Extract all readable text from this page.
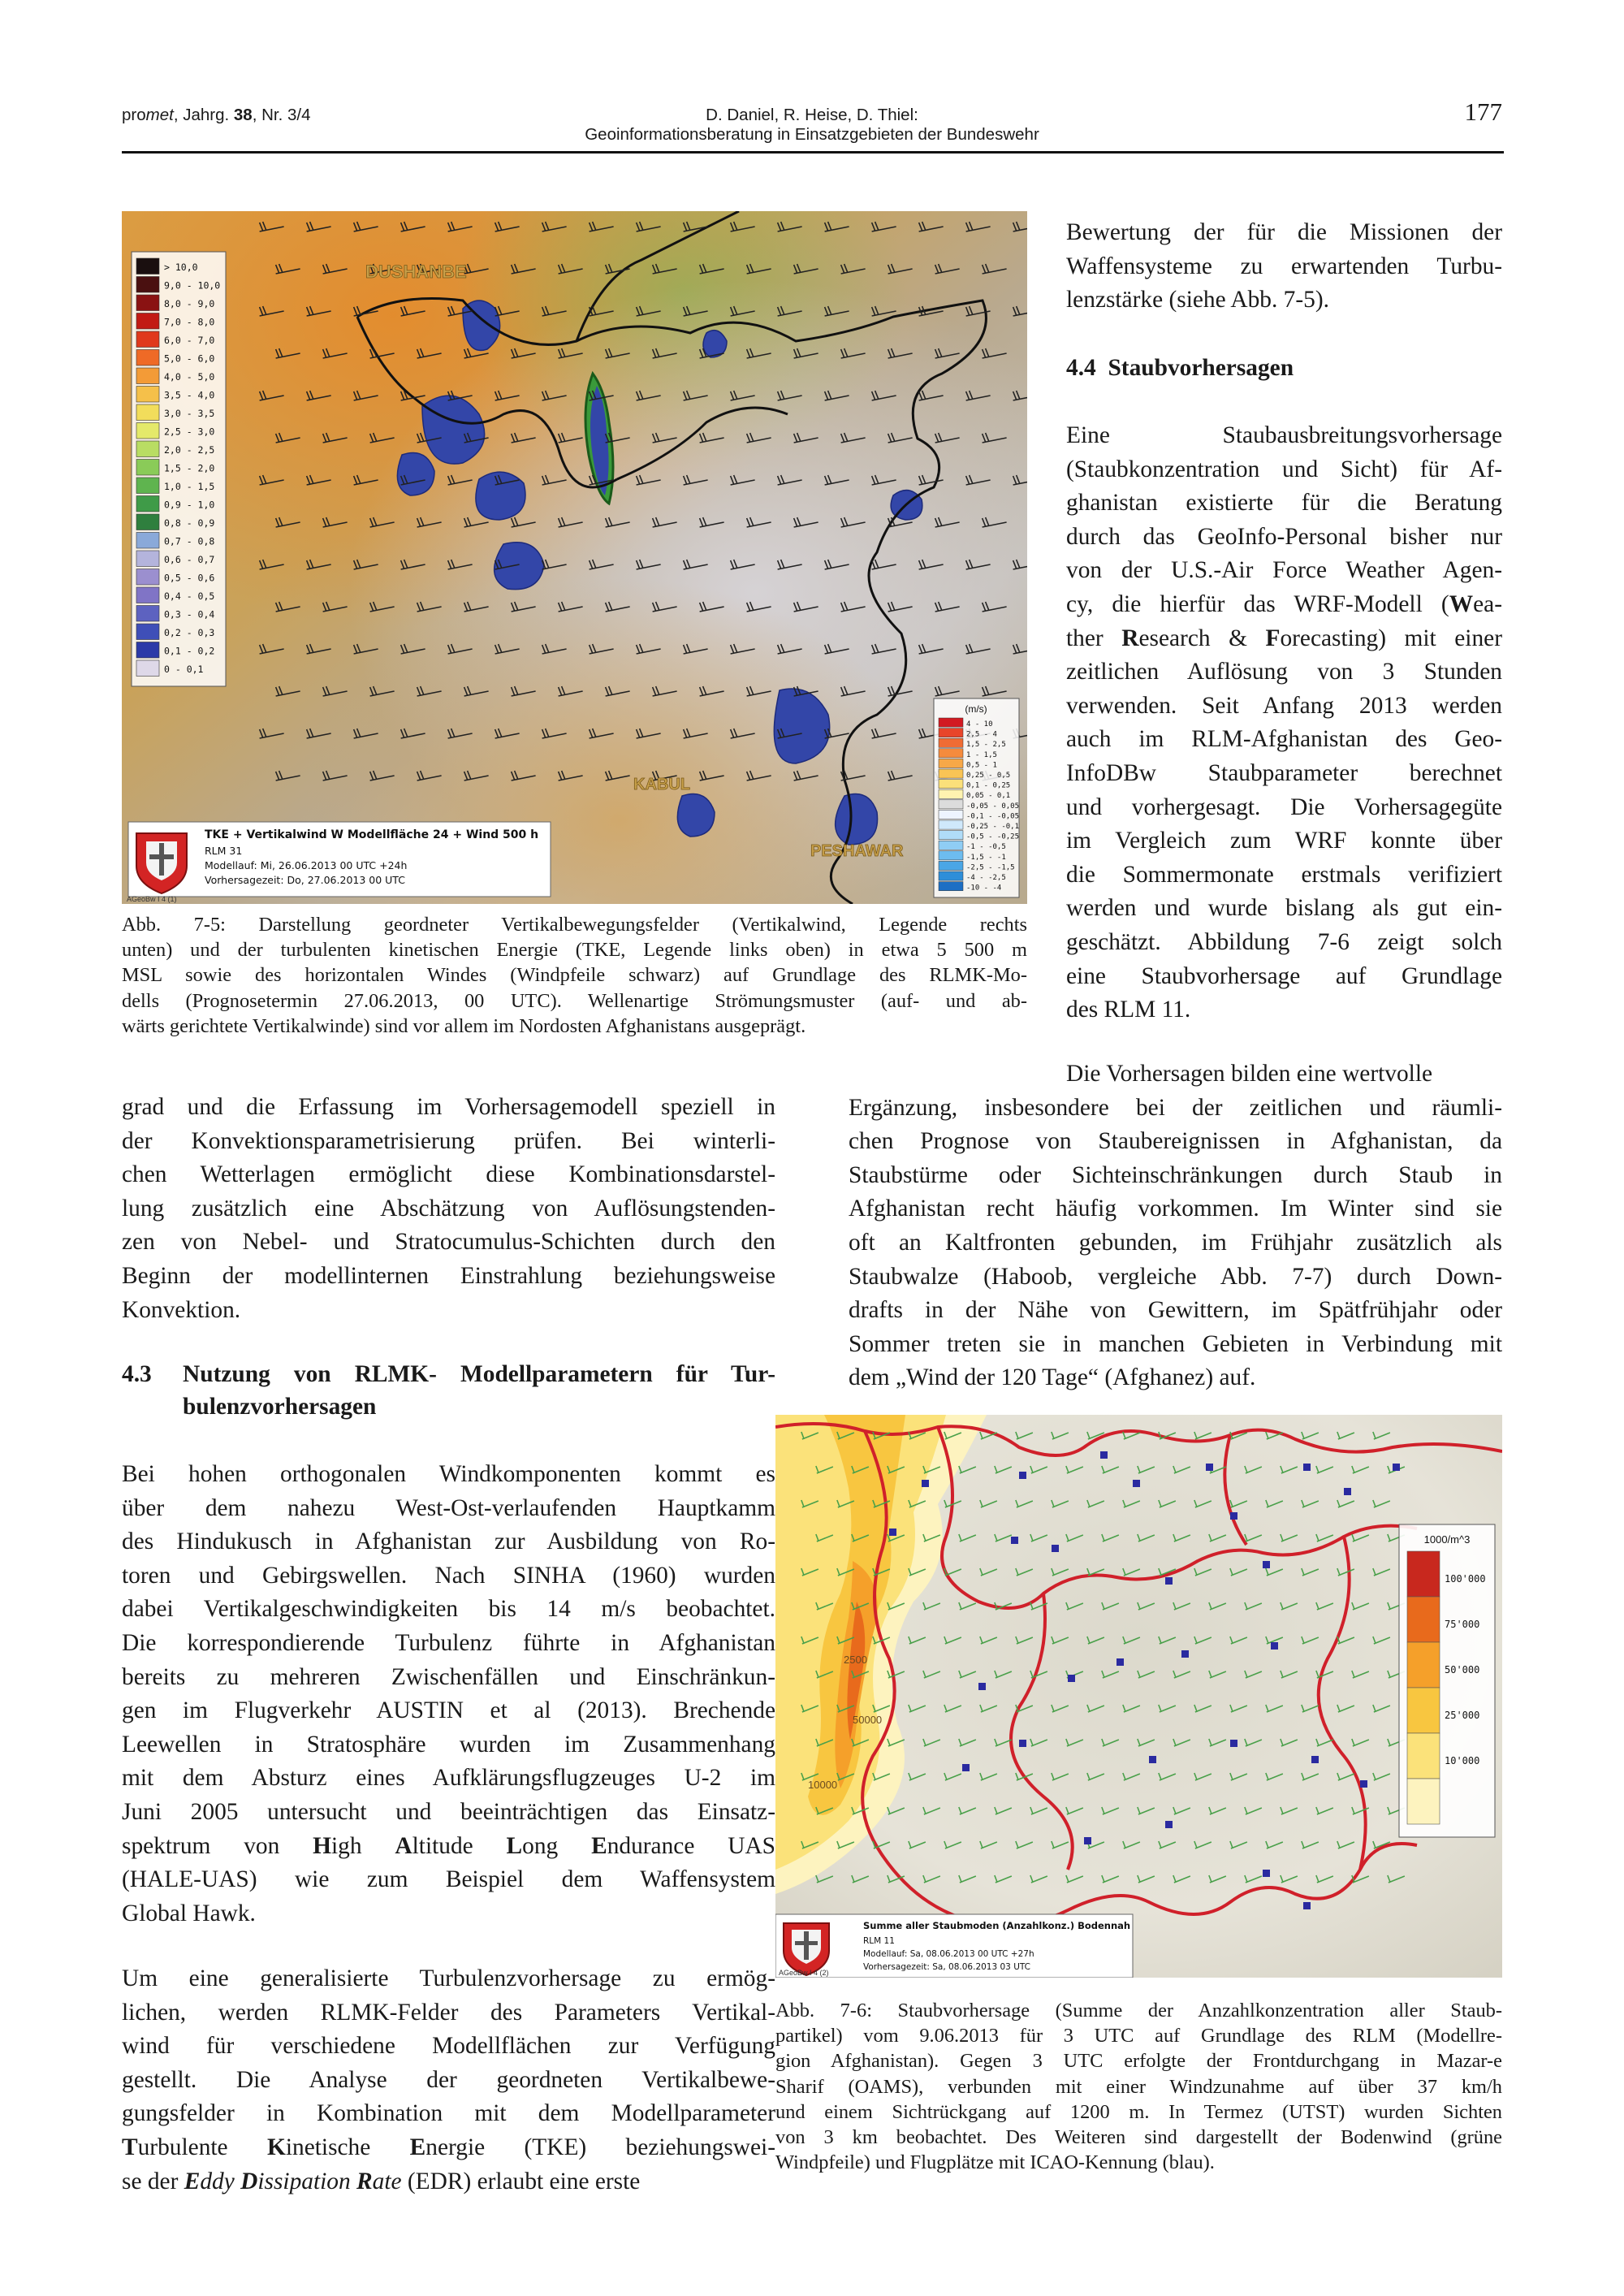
promet, Jahrg. 38, Nr. 3/4	D. Daniel, R. Heise, D. Thiel:
Geoinformationsberatung in Einsatzgebieten der Bundeswehr
177
DUSHANBE
KABUL
PESHAWAR
> 10,0
9,0 - 10,0
8,0 - 9,0
7,0 - 8,0
6,0 - 7,0
5,0 - 6,0
4,0 - 5,0
3,5 - 4,0
3,0 - 3,5
2,5 - 3,0
2,0 - 2,5
1,5 - 2,0
1,0 - 1,5
0,9 - 1,0
0,8 - 0,9
0,7 - 0,8
0,6 - 0,7
0,5 - 0,6
0,4 - 0,5
0,3 - 0,4
0,2 - 0,3
0,1 - 0,2
0 - 0,1
(m/s)
4 - 10
2,5 - 4
1,5 - 2,5
1 - 1,5
0,5 - 1
0,25 - 0,5
0,1 - 0,25
0,05 - 0,1
-0,05 - 0,05
-0,1 - -0,05
-0,25 - -0,1
-0,5 - -0,25
-1 - -0,5
-1,5 - -1
-2,5 - -1,5
-4 - -2,5
-10 - -4
TKE + Vertikalwind W Modellfläche 24 + Wind 500 h
RLM 31
Modellauf: Mi, 26.06.2013 00 UTC +24h
Vorhersagezeit: Do, 27.06.2013 00 UTC
AGeoBw I 4 (1)
Abb. 7-5: Darstellung geordneter Vertikalbewegungsfelder (Vertikalwind, Legende rechts
unten) und der turbulenten kinetischen Energie (TKE, Legende links oben) in etwa 5 500 m
MSL sowie des horizontalen Windes (Windpfeile schwarz) auf Grundlage des RLMK-Mo-
dells (Prognosetermin 27.06.2013, 00 UTC). Wellenartige Strömungsmuster (auf- und ab-
wärts gerichtete Vertikalwinde) sind vor allem im Nordosten Afghanistans ausgeprägt.
Bewertung der für die Missionen der
Waffensysteme zu erwartenden Turbu-
lenzstärke (siehe Abb. 7-5).
4.4 Staubvorhersagen
Eine Staubausbreitungsvorhersage
(Staubkonzentration und Sicht) für Af-
ghanistan existierte für die Beratung
durch das GeoInfo-Personal bisher nur
von der U.S.-Air Force Weather Agen-
cy, die hierfür das WRF-Modell (Wea-
ther Research & Forecasting) mit einer
zeitlichen Auflösung von 3 Stunden
verwenden. Seit Anfang 2013 werden
auch im RLM-Afghanistan des Geo-
InfoDBw Staubparameter berechnet
und vorhergesagt. Die Vorhersagegüte
im Vergleich zum WRF konnte über
die Sommermonate erstmals verifiziert
werden und wurde bislang als gut ein-
geschätzt. Abbildung 7-6 zeigt solch
eine Staubvorhersage auf Grundlage
des RLM 11.
Die Vorhersagen bilden eine wertvolle
Ergänzung, insbesondere bei der zeitlichen und räumli-
chen Prognose von Staubereignissen in Afghanistan, da
Staubstürme oder Sichteinschränkungen durch Staub in
Afghanistan recht häufig vorkommen. Im Winter sind sie
oft an Kaltfronten gebunden, im Frühjahr zusätzlich als
Staubwalze (Haboob, vergleiche Abb. 7-7) durch Down-
drafts in der Nähe von Gewittern, im Spätfrühjahr oder
Sommer treten sie in manchen Gebieten in Verbindung mit
dem „Wind der 120 Tage“ (Afghanez) auf.
grad und die Erfassung im Vorhersagemodell speziell in
der Konvektionsparametrisierung prüfen. Bei winterli-
chen Wetterlagen ermöglicht diese Kombinationsdarstel-
lung zusätzlich eine Abschätzung von Auflösungstenden-
zen von Nebel- und Stratocumulus-Schichten durch den
Beginn der modellinternen Einstrahlung beziehungsweise
Konvektion.
4.3	Nutzung von RLMK- Modellparametern für Tur-
bulenzvorhersagen
Bei hohen orthogonalen Windkomponenten kommt es
über dem nahezu West-Ost-verlaufenden Hauptkamm
des Hindukusch in Afghanistan zur Ausbildung von Ro-
toren und Gebirgswellen. Nach SINHA (1960) wurden
dabei Vertikalgeschwindigkeiten bis 14 m/s beobachtet.
Die korrespondierende Turbulenz führte in Afghanistan
bereits zu mehreren Zwischenfällen und Einschränkun-
gen im Flugverkehr AUSTIN et al (2013). Brechende
Leewellen in Stratosphäre wurden im Zusammenhang
mit dem Absturz eines Aufklärungsflugzeuges U-2 im
Juni 2005 untersucht und beeinträchtigen das Einsatz-
spektrum von High Altitude Long Endurance UAS
(HALE-UAS) wie zum Beispiel dem Waffensystem
Global Hawk.
Um eine generalisierte Turbulenzvorhersage zu ermög-
lichen, werden RLMK-Felder des Parameters Vertikal-
wind für verschiedene Modellflächen zur Verfügung
gestellt. Die Analyse der geordneten Vertikalbewe-
gungsfelder in Kombination mit dem Modellparameter
Turbulente Kinetische Energie (TKE) beziehungswei-
se der Eddy Dissipation Rate (EDR) erlaubt eine erste
2500
50000
10000
1000/m^3
100'000
75'000
50'000
25'000
10'000
Summe aller Staubmoden (Anzahlkonz.) Bodennah
RLM 11
Modellauf: Sa, 08.06.2013 00 UTC +27h
Vorhersagezeit: Sa, 08.06.2013 03 UTC
AGeoBw I 4 (2)
Abb. 7-6: Staubvorhersage (Summe der Anzahlkonzentration aller Staub-
partikel) vom 9.06.2013 für 3 UTC auf Grundlage des RLM (Modellre-
gion Afghanistan). Gegen 3 UTC erfolgte der Frontdurchgang in Mazar-e
Sharif (OAMS), verbunden mit einer Windzunahme auf über 37 km/h
und einem Sichtrückgang auf 1200 m. In Termez (UTST) wurden Sichten
von 3 km beobachtet. Des Weiteren sind dargestellt der Bodenwind (grüne
Windpfeile) und Flugplätze mit ICAO-Kennung (blau).
